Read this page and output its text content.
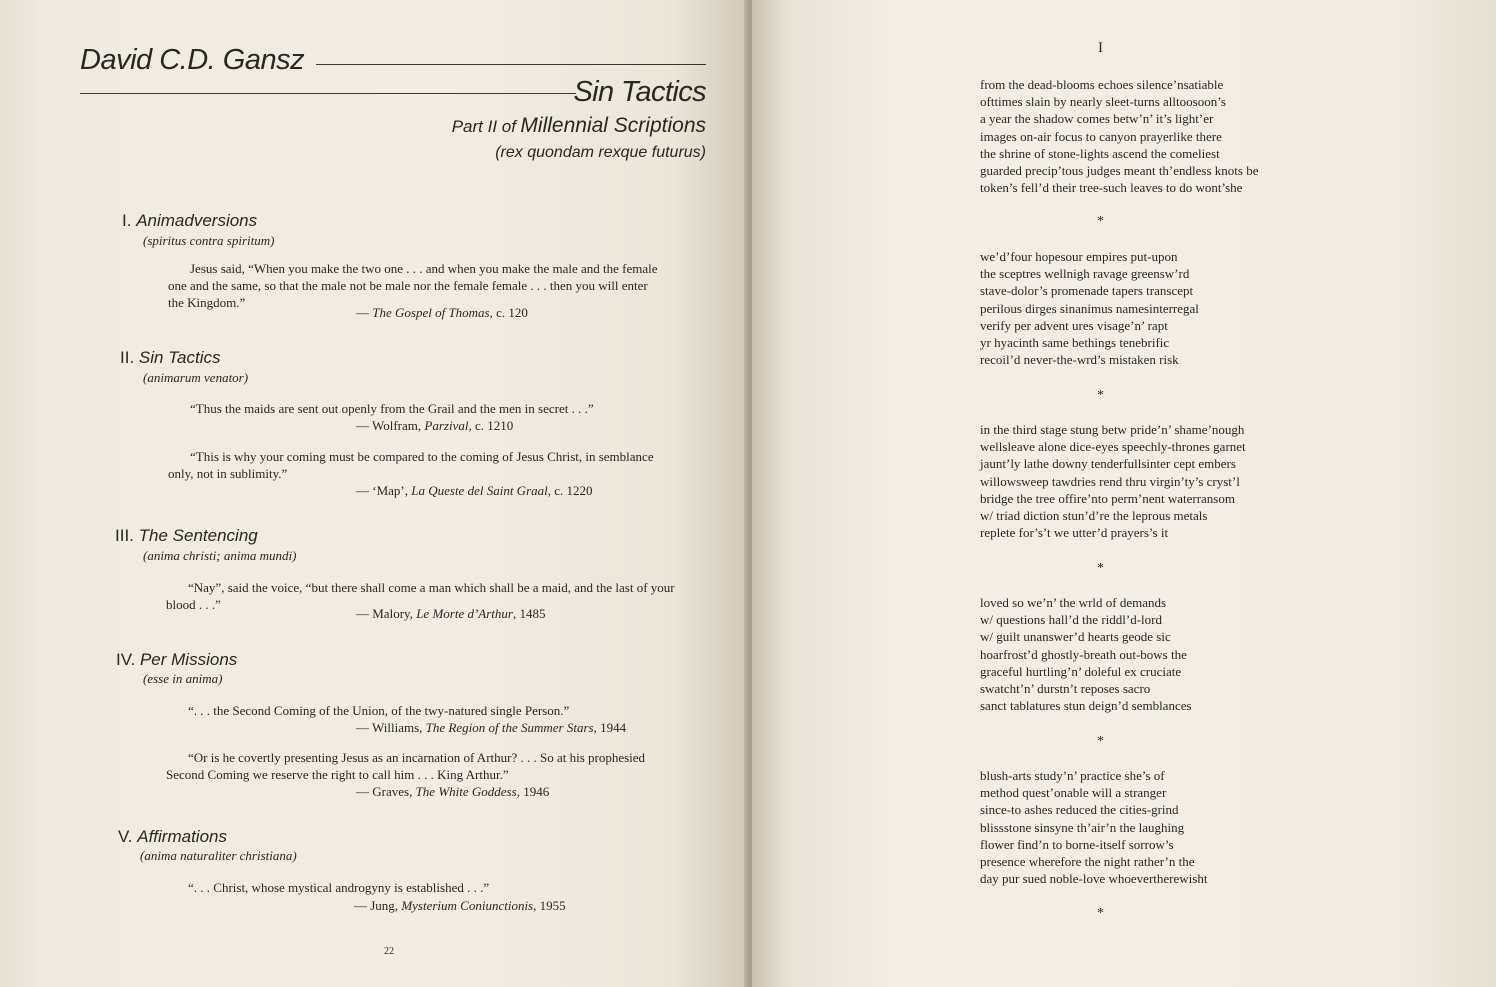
David C.D. Gansz
Sin Tactics
Part II of Millennial Scriptions
(rex quondam rexque futurus)
I. Animadversions
(spiritus contra spiritum)
Jesus said, “When you make the two one . . . and when you make the male and the female one and the same, so that the male not be male nor the female female . . . then you will enter the Kingdom.”
— The Gospel of Thomas, c. 120
II. Sin Tactics
(animarum venator)
“Thus the maids are sent out openly from the Grail and the men in secret . . .”
— Wolfram, Parzival, c. 1210
“This is why your coming must be compared to the coming of Jesus Christ, in semblance only, not in sublimity.”
— ‘Map’, La Queste del Saint Graal, c. 1220
III. The Sentencing
(anima christi; anima mundi)
“Nay”, said the voice, “but there shall come a man which shall be a maid, and the last of your blood . . .”
— Malory, Le Morte d’Arthur, 1485
IV. Per Missions
(esse in anima)
“. . . the Second Coming of the Union, of the twy-natured single Person.”
— Williams, The Region of the Summer Stars, 1944
“Or is he covertly presenting Jesus as an incarnation of Arthur? . . . So at his prophesied Second Coming we reserve the right to call him . . . King Arthur.”
— Graves, The White Goddess, 1946
V. Affirmations
(anima naturaliter christiana)
“. . . Christ, whose mystical androgyny is established . . .”
— Jung, Mysterium Coniunctionis, 1955
22
I
from the dead-blooms echoes silence’nsatiable
ofttimes slain by nearly sleet-turns alltoosoon’s
a year the shadow comes betw’n’ it’s light’er
images on-air focus to canyon prayerlike there
the shrine of stone-lights ascend the comeliest
guarded precip’tous judges meant th’endless knots be
token’s fell’d their tree-such leaves to do wont’she
*
we’d’four hopesour empires put-upon
the sceptres wellnigh ravage greensw’rd
stave-dolor’s promenade tapers transcept
perilous dirges sinanimus namesinterregal
verify per advent ures visage’n’ rapt
yr hyacinth same bethings tenebrific
recoil’d never-the-wrd’s mistaken risk
*
in the third stage stung betw pride’n’ shame’nough
wellsleave alone dice-eyes speechly-thrones garnet
jaunt’ly lathe downy tenderfullsinter cept embers
willowsweep tawdries rend thru virgin’ty’s cryst’l
bridge the tree offire’nto perm’nent waterransom
w/ triad diction stun’d’re the leprous metals
replete for’s’t we utter’d prayers’s it
*
loved so we’n’ the wrld of demands
w/ questions hall’d the riddl’d-lord
w/ guilt unanswer’d hearts geode sic
hoarfrost’d ghostly-breath out-bows the
graceful hurtling’n’ doleful ex cruciate
swatcht’n’ durstn’t reposes sacro
sanct tablatures stun deign’d semblances
*
blush-arts study’n’ practice she’s of
method quest’onable will a stranger
since-to ashes reduced the cities-grind
blissstone sinsyne th’air’n the laughing
flower find’n to borne-itself sorrow’s
presence wherefore the night rather’n the
day pur sued noble-love whoevertherewisht
*
